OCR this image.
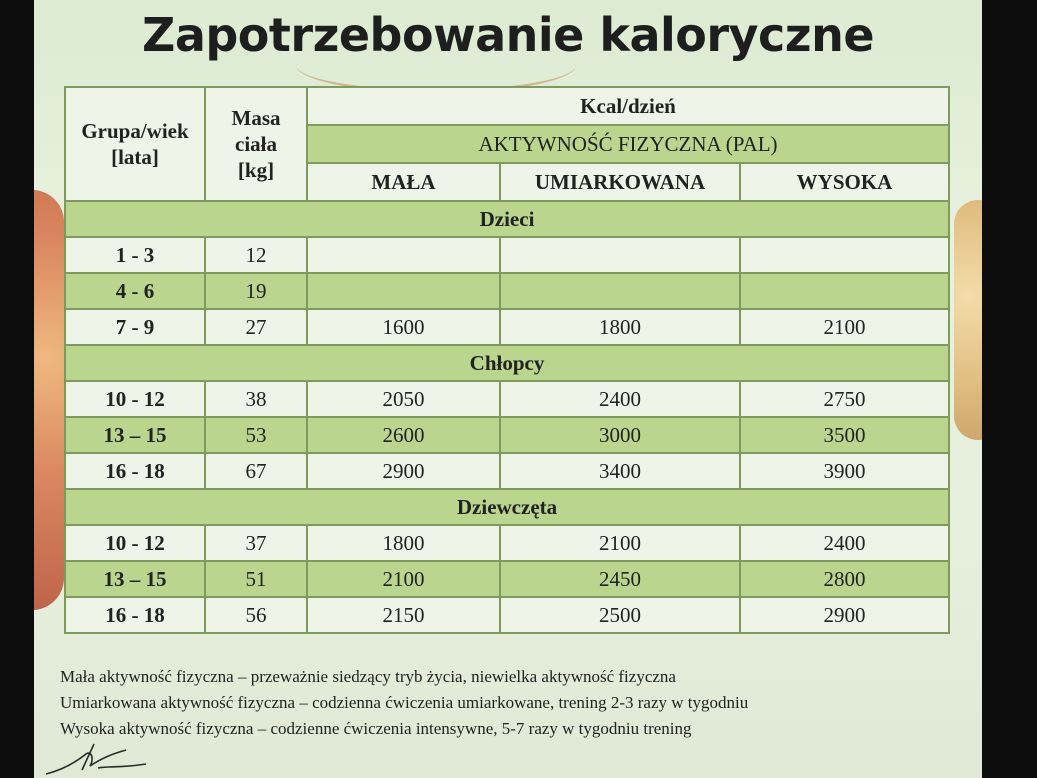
Zapotrzebowanie kaloryczne
Grupa/wiek
[lata]	Masa
ciała
[kg]	Kcal/dzień		
		AKTYWNOŚĆ FIZYCZNA (PAL)		
		MAŁA	UMIARKOWANA	WYSOKA
Dzieci				
1 - 3	12			
4 - 6	19			
7 - 9	27	1600	1800	2100
Chłopcy				
10 - 12	38	2050	2400	2750
13 – 15	53	2600	3000	3500
16 - 18	67	2900	3400	3900
Dziewczęta				
10 - 12	37	1800	2100	2400
13 – 15	51	2100	2450	2800
16 - 18	56	2150	2500	2900
Mała aktywność fizyczna – przeważnie siedzący tryb życia, niewielka aktywność fizyczna
Umiarkowana aktywność fizyczna – codzienna ćwiczenia umiarkowane, trening 2-3 razy w tygodniu
Wysoka aktywność fizyczna – codzienne ćwiczenia intensywne, 5-7 razy w tygodniu trening
